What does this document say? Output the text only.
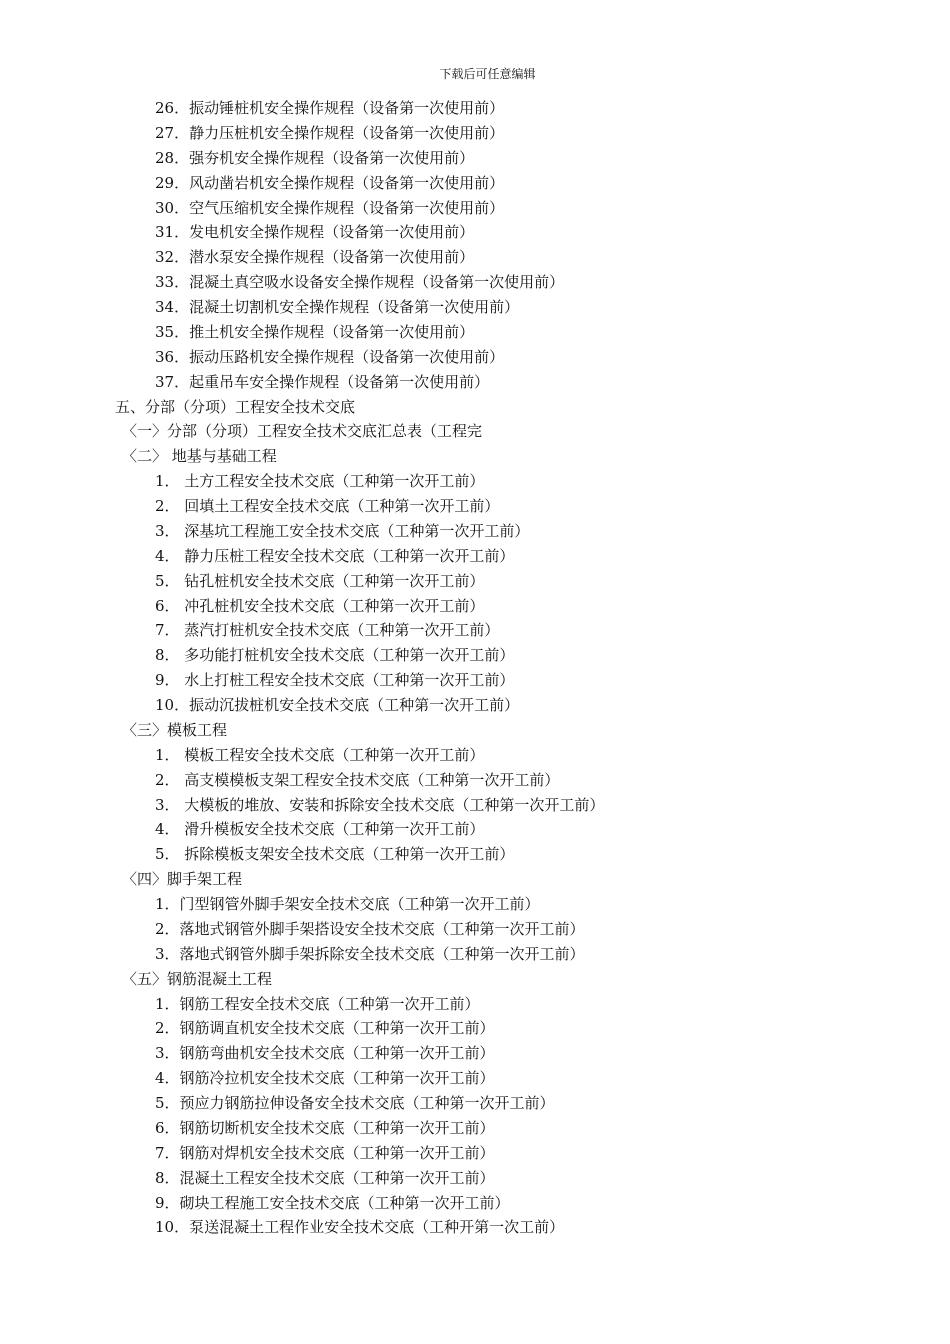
下载后可任意编辑
26．振动锤桩机安全操作规程（设备第一次使用前）
27．静力压桩机安全操作规程（设备第一次使用前）
28．强夯机安全操作规程（设备第一次使用前）
29．风动凿岩机安全操作规程（设备第一次使用前）
30．空气压缩机安全操作规程（设备第一次使用前）
31．发电机安全操作规程（设备第一次使用前）
32．潜水泵安全操作规程（设备第一次使用前）
33．混凝土真空吸水设备安全操作规程（设备第一次使用前）
34．混凝土切割机安全操作规程（设备第一次使用前）
35．推土机安全操作规程（设备第一次使用前）
36．振动压路机安全操作规程（设备第一次使用前）
37．起重吊车安全操作规程（设备第一次使用前）
五、分部（分项）工程安全技术交底
〈一〉分部（分项）工程安全技术交底汇总表（工程完
〈二〉 地基与基础工程
1． 土方工程安全技术交底（工种第一次开工前）
2． 回填土工程安全技术交底（工种第一次开工前）
3． 深基坑工程施工安全技术交底（工种第一次开工前）
4． 静力压桩工程安全技术交底（工种第一次开工前）
5． 钻孔桩机安全技术交底（工种第一次开工前）
6． 冲孔桩机安全技术交底（工种第一次开工前）
7． 蒸汽打桩机安全技术交底（工种第一次开工前）
8． 多功能打桩机安全技术交底（工种第一次开工前）
9． 水上打桩工程安全技术交底（工种第一次开工前）
10．振动沉拔桩机安全技术交底（工种第一次开工前）
〈三〉模板工程
1． 模板工程安全技术交底（工种第一次开工前）
2． 高支模模板支架工程安全技术交底（工种第一次开工前）
3． 大模板的堆放、安装和拆除安全技术交底（工种第一次开工前）
4． 滑升模板安全技术交底（工种第一次开工前）
5． 拆除模板支架安全技术交底（工种第一次开工前）
〈四〉脚手架工程
1．门型钢管外脚手架安全技术交底（工种第一次开工前）
2．落地式钢管外脚手架搭设安全技术交底（工种第一次开工前）
3．落地式钢管外脚手架拆除安全技术交底（工种第一次开工前）
〈五〉钢筋混凝土工程
1．钢筋工程安全技术交底（工种第一次开工前）
2．钢筋调直机安全技术交底（工种第一次开工前）
3．钢筋弯曲机安全技术交底（工种第一次开工前）
4．钢筋冷拉机安全技术交底（工种第一次开工前）
5．预应力钢筋拉伸设备安全技术交底（工种第一次开工前）
6．钢筋切断机安全技术交底（工种第一次开工前）
7．钢筋对焊机安全技术交底（工种第一次开工前）
8．混凝土工程安全技术交底（工种第一次开工前）
9．砌块工程施工安全技术交底（工种第一次开工前）
10．泵送混凝土工程作业安全技术交底（工种开第一次工前）
